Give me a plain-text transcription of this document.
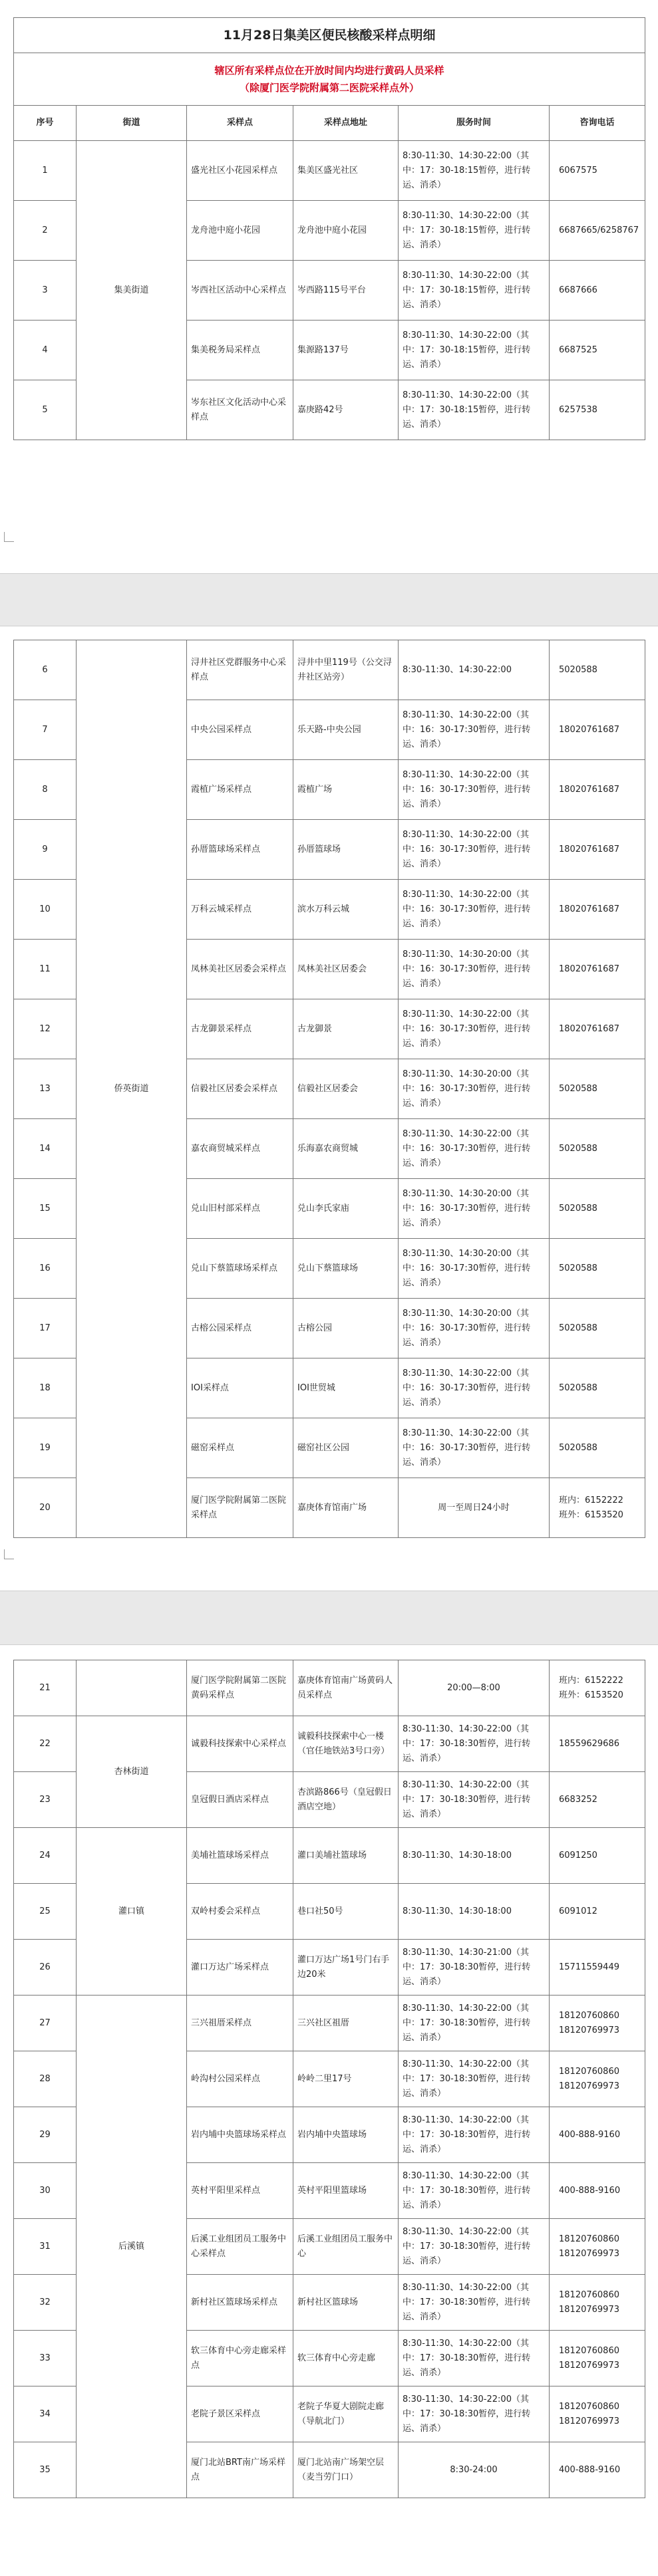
11月28日集美区便民核酸采样点明细					

辖区所有采样点位在开放时间内均进行黄码人员采样
（除厦门医学院附属第二医院采样点外）					

序号	街道	采样点	采样点地址	服务时间	咨询电话
1	集美街道	盛光社区小花园采样点	集美区盛光社区	8:30-11:30、14:30-22:00（其中：17：30-18:15暂停，进行转运、消杀）	6067575
2		龙舟池中庭小花园	龙舟池中庭小花园	8:30-11:30、14:30-22:00（其中：17：30-18:15暂停，进行转运、消杀）	6687665/6258767
3		岑西社区活动中心采样点	岑西路115号平台	8:30-11:30、14:30-22:00（其中：17：30-18:15暂停，进行转运、消杀）	6687666
4		集美税务局采样点	集源路137号	8:30-11:30、14:30-22:00（其中：17：30-18:15暂停，进行转运、消杀）	6687525
5		岑东社区文化活动中心采样点	嘉庚路42号	8:30-11:30、14:30-22:00（其中：17：30-18:15暂停，进行转运、消杀）	6257538
6	侨英街道	浔井社区党群服务中心采样点	浔井中里119号（公交浔井社区站旁）	8:30-11:30、14:30-22:00	5020588
7		中央公园采样点	乐天路-中央公园	8:30-11:30、14:30-22:00（其中：16：30-17:30暂停，进行转运、消杀）	18020761687
8		霞植广场采样点	霞植广场	8:30-11:30、14:30-22:00（其中：16：30-17:30暂停，进行转运、消杀）	18020761687
9		孙厝篮球场采样点	孙厝篮球场	8:30-11:30、14:30-22:00（其中：16：30-17:30暂停，进行转运、消杀）	18020761687
10		万科云城采样点	滨水万科云城	8:30-11:30、14:30-22:00（其中：16：30-17:30暂停，进行转运、消杀）	18020761687
11		凤林美社区居委会采样点	凤林美社区居委会	8:30-11:30、14:30-20:00（其中：16：30-17:30暂停，进行转运、消杀）	18020761687
12		古龙御景采样点	古龙御景	8:30-11:30、14:30-22:00（其中：16：30-17:30暂停，进行转运、消杀）	18020761687
13		信毅社区居委会采样点	信毅社区居委会	8:30-11:30、14:30-20:00（其中：16：30-17:30暂停，进行转运、消杀）	5020588
14		嘉农商贸城采样点	乐海嘉农商贸城	8:30-11:30、14:30-22:00（其中：16：30-17:30暂停，进行转运、消杀）	5020588
15		兑山旧村部采样点	兑山李氏家庙	8:30-11:30、14:30-20:00（其中：16：30-17:30暂停，进行转运、消杀）	5020588
16		兑山下蔡篮球场采样点	兑山下蔡篮球场	8:30-11:30、14:30-20:00（其中：16：30-17:30暂停，进行转运、消杀）	5020588
17		古榕公园采样点	古榕公园	8:30-11:30、14:30-20:00（其中：16：30-17:30暂停，进行转运、消杀）	5020588
18		IOI采样点	IOI世贸城	8:30-11:30、14:30-22:00（其中：16：30-17:30暂停，进行转运、消杀）	5020588
19		磁窑采样点	磁窑社区公园	8:30-11:30、14:30-22:00（其中：16：30-17:30暂停，进行转运、消杀）	5020588
20		厦门医学院附属第二医院采样点	嘉庚体育馆南广场	周一至周日24小时	班内：6152222
班外：6153520
21		厦门医学院附属第二医院黄码采样点	嘉庚体育馆南广场黄码人员采样点	20:00—8:00	班内：6152222
班外：6153520

22	杏林街道	诚毅科技探索中心采样点	诚毅科技探索中心一楼（官任地铁站3号口旁）	8:30-11:30、14:30-22:00（其中：17：30-18:30暂停，进行转运、消杀）	18559629686
23		皇冠假日酒店采样点	杏滨路866号（皇冠假日酒店空地）	8:30-11:30、14:30-22:00（其中：17：30-18:30暂停，进行转运、消杀）	6683252
24	灌口镇	美埔社篮球场采样点	灌口美埔社篮球场	8:30-11:30、14:30-18:00	6091250
25		双岭村委会采样点	巷口社50号	8:30-11:30、14:30-18:00	6091012
26		灌口万达广场采样点	灌口万达广场1号门右手边20米	8:30-11:30、14:30-21:00（其中：17：30-18:30暂停，进行转运、消杀）	15711559449
27	后溪镇	三兴祖厝采样点	三兴社区祖厝	8:30-11:30、14:30-22:00（其中：17：30-18:30暂停，进行转运、消杀）	18120760860
18120769973

28		岭沟村公园采样点	岭岭二里17号	8:30-11:30、14:30-22:00（其中：17：30-18:30暂停，进行转运、消杀）	18120760860
18120769973

29		岩内埔中央篮球场采样点	岩内埔中央篮球场	8:30-11:30、14:30-22:00（其中：17：30-18:30暂停，进行转运、消杀）	400-888-9160

30		英村平阳里采样点	英村平阳里篮球场	8:30-11:30、14:30-22:00（其中：17：30-18:30暂停，进行转运、消杀）	400-888-9160

31		后溪工业组团员工服务中心采样点	后溪工业组团员工服务中心	8:30-11:30、14:30-22:00（其中：17：30-18:30暂停，进行转运、消杀）	18120760860
18120769973

32		新村社区篮球场采样点	新村社区篮球场	8:30-11:30、14:30-22:00（其中：17：30-18:30暂停，进行转运、消杀）	18120760860
18120769973

33		软三体育中心旁走廊采样点	软三体育中心旁走廊	8:30-11:30、14:30-22:00（其中：17：30-18:30暂停，进行转运、消杀）	18120760860
18120769973

34		老院子景区采样点	老院子华夏大剧院走廊（导航北门）	8:30-11:30、14:30-22:00（其中：17：30-18:30暂停，进行转运、消杀）	18120760860
18120769973

35		厦门北站BRT南广场采样点	厦门北站南广场架空层（麦当劳门口）	8:30-24:00	400-888-9160
